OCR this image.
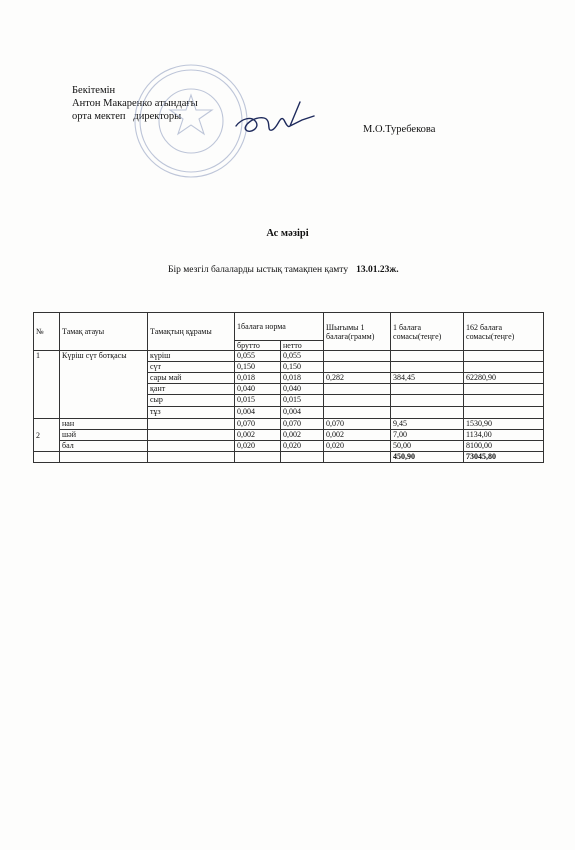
Бекітемін
Антон Макаренко атындағы
орта мектеп директоры
М.О.Туребекова
Ас мәзірі
Бір мезгіл балаларды ыстық тамақпен қамту 13.01.23ж.
№	Тамақ атауы	Тамақтың құрамы	1балаға норма		Шығымы 1 балаға(грамм)	1 балаға сомасы(теңге)	162 балаға сомасы(теңге)
			брутто	нетто			
1	Күріш сүт ботқасы	күріш	0,055	0,055			
		сүт	0,150	0,150			
		сары май	0,018	0,018	0,282	384,45	62280,90
		қант	0,040	0,040			
		сыр	0,015	0,015			
		тұз	0,004	0,004			
2	нан		0,070	0,070	0,070	9,45	1530,90
	шәй		0,002	0,002	0,002	7,00	1134,00
	бал		0,020	0,020	0,020	50,00	8100,00
						450,90	73045,80
